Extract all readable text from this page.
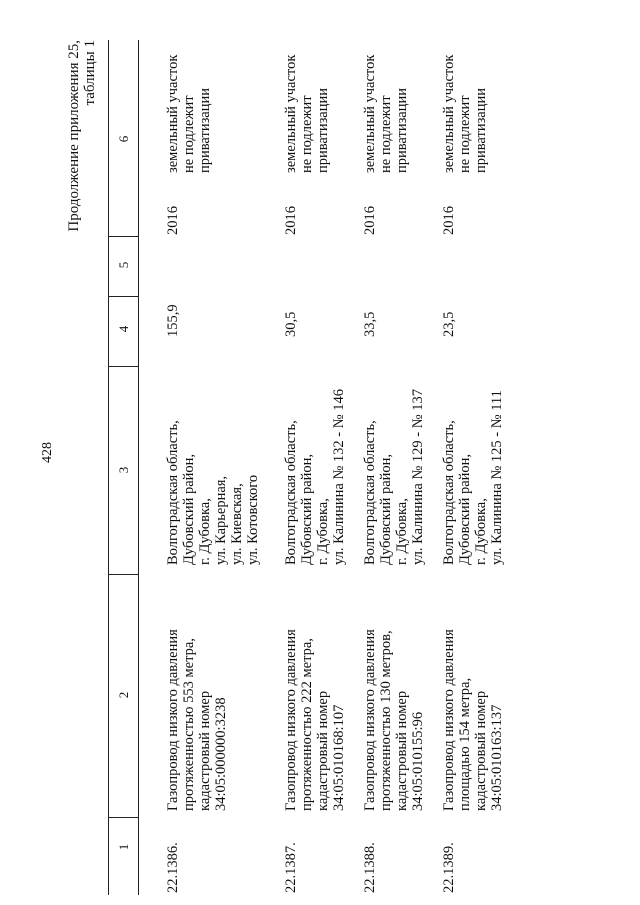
428
Продолжение приложения 25, таблицы 1
1
2
3
4
5
6
22.1386.
Газопровод низкого давления протяженностью 553 метра, кадастровый номер 34:05:000000:3238
Волгоградская область, Дубовский район, г. Дубовка, ул. Карьерная, ул. Киевская, ул. Котовского
155,9
2016
земельный участок не подлежит приватизации
22.1387.
Газопровод низкого давления протяженностью 222 метра, кадастровый номер 34:05:010168:107
Волгоградская область, Дубовский район, г. Дубовка, ул. Калинина № 132 - № 146
30,5
2016
земельный участок не подлежит приватизации
22.1388.
Газопровод низкого давления протяженностью 130 метров, кадастровый номер 34:05:010155:96
Волгоградская область, Дубовский район, г. Дубовка, ул. Калинина № 129 - № 137
33,5
2016
земельный участок не подлежит приватизации
22.1389.
Газопровод низкого давления площадью 154 метра, кадастровый номер 34:05:010163:137
Волгоградская область, Дубовский район, г. Дубовка, ул. Калинина № 125 - № 111
23,5
2016
земельный участок не подлежит приватизации
